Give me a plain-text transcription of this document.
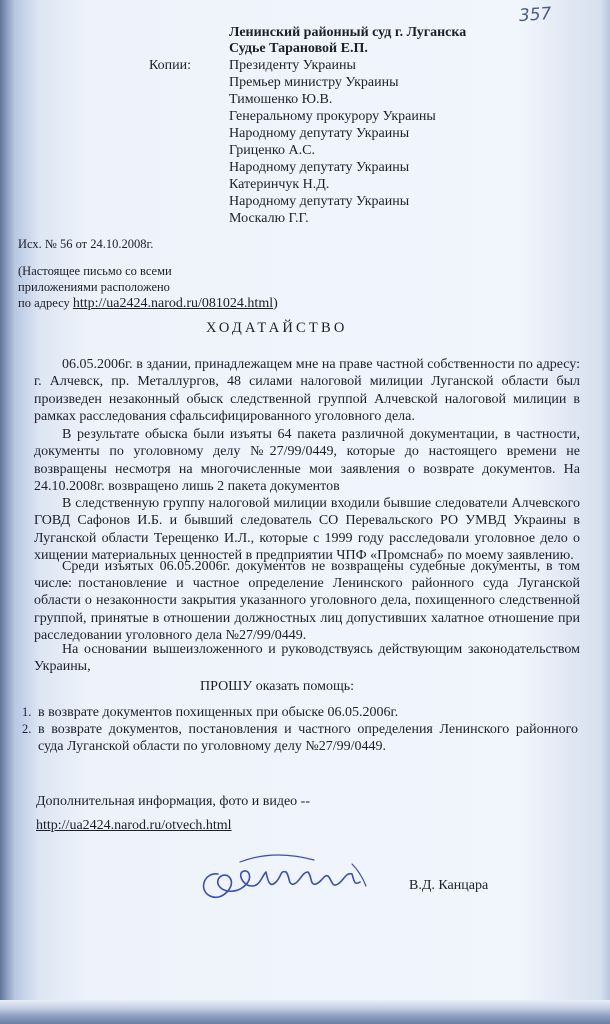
357
Ленинский районный суд г. Луганска
Судье Тарановой Е.П.
Копии:	Президенту Украины
Премьер министру Украины
Тимошенко Ю.В.
Генеральному прокурору Украины
Народному депутату Украины
Гриценко А.С.
Народному депутату Украины
Катеринчук Н.Д.
Народному депутату Украины
Москалю Г.Г.
Исх. № 56 от 24.10.2008г.
(Настоящее письмо со всеми
приложениями расположено
по адресу http://ua2424.narod.ru/081024.html)
ХОДАТАЙСТВО
06.05.2006г. в здании, принадлежащем мне на праве частной собственности по адресу: г. Алчевск, пр. Металлургов, 48 силами налоговой милиции Луганской области был произведен незаконный обыск следственной группой Алчевской налоговой милиции в рамках расследования сфальсифицированного уголовного дела.
В результате обыска были изъяты 64 пакета различной документации, в частности, документы по уголовному делу №27/99/0449, которые до настоящего времени не возвращены несмотря на многочисленные мои заявления о возврате документов. На 24.10.2008г. возвращено лишь 2 пакета документов
В следственную группу налоговой милиции входили бывшие следователи Алчевского ГОВД Сафонов И.Б. и бывший следователь СО Перевальского РО УМВД Украины в Луганской области Терещенко И.Л., которые с 1999 году расследовали уголовное дело о хищении материальных ценностей в предприятии ЧПФ «Промснаб» по моему заявлению.
Среди изъятых 06.05.2006г. документов не возвращены судебные документы, в том числе:
– постановление и частное определение Ленинского районного суда Луганской области о незаконности закрытия указанного уголовного дела, похищенного следственной группой, принятые в отношении должностных лиц допустивших халатное отношение при расследовании уголовного дела №27/99/0449.
На основании вышеизложенного и руководствуясь действующим законодательством Украины,
ПРОШУ оказать помощь:
1. в возврате документов похищенных при обыске 06.05.2006г.
2. в возврате документов, постановления и частного определения Ленинского районного суда Луганской области по уголовному делу №27/99/0449.
Дополнительная информация, фото и видео --
http://ua2424.narod.ru/otvech.html
В.Д. Канцара
